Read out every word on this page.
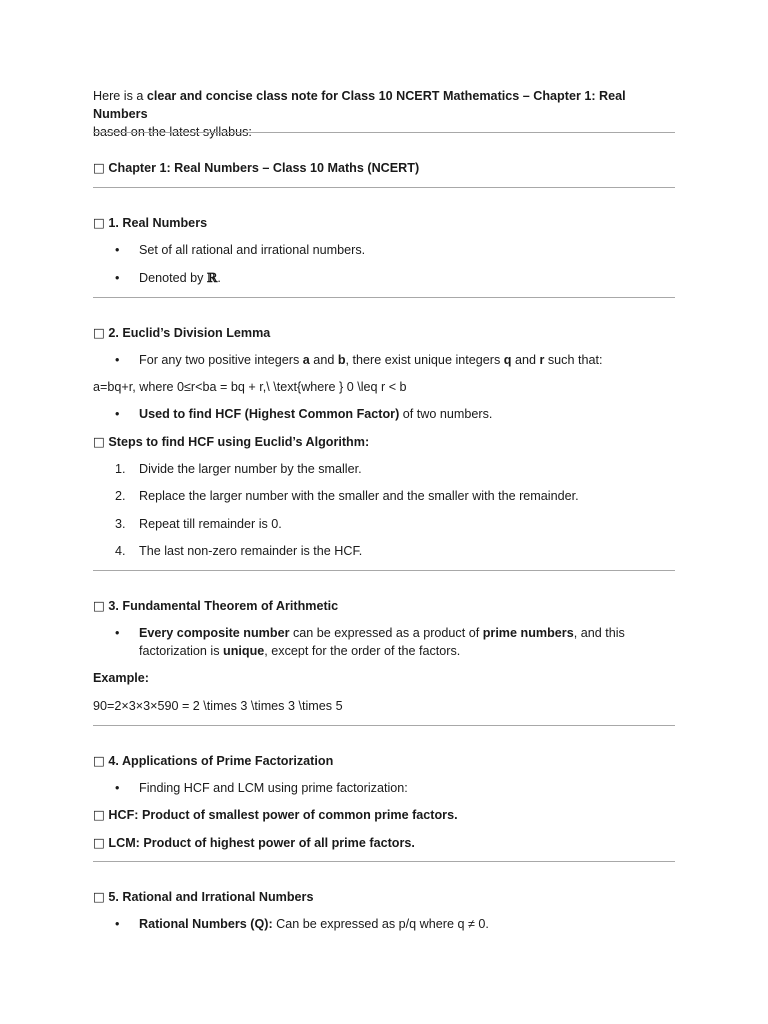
Here is a clear and concise class note for Class 10 NCERT Mathematics – Chapter 1: Real Numbers
based on the latest syllabus:
□ Chapter 1: Real Numbers – Class 10 Maths (NCERT)
□ 1. Real Numbers
•	Set of all rational and irrational numbers.
•	Denoted by ℝ.
□ 2. Euclid’s Division Lemma
•	For any two positive integers a and b, there exist unique integers q and r such that:
a=bq+r, where 0≤r<ba = bq + r,\ \text{where } 0 \leq r < b
•	Used to find HCF (Highest Common Factor) of two numbers.
□ Steps to find HCF using Euclid’s Algorithm:
1.	Divide the larger number by the smaller.
2.	Replace the larger number with the smaller and the smaller with the remainder.
3.	Repeat till remainder is 0.
4.	The last non-zero remainder is the HCF.
□ 3. Fundamental Theorem of Arithmetic
•	Every composite number can be expressed as a product of prime numbers, and this factorization is unique, except for the order of the factors.
Example:
90=2×3×3×590 = 2 \times 3 \times 3 \times 5
□ 4. Applications of Prime Factorization
•	Finding HCF and LCM using prime factorization:
□ HCF: Product of smallest power of common prime factors.
□ LCM: Product of highest power of all prime factors.
□ 5. Rational and Irrational Numbers
•	Rational Numbers (Q): Can be expressed as p/q where q ≠ 0.
